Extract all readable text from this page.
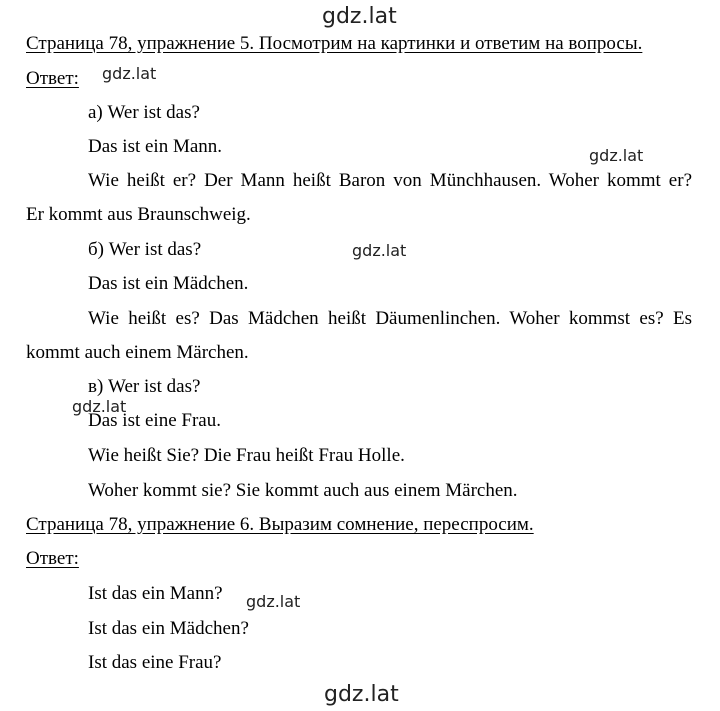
gdz.lat
gdz.lat
gdz.lat
gdz.lat
gdz.lat
gdz.lat
gdz.lat
Страница 78, упражнение 5. Посмотрим на картинки и ответим на вопросы.
Ответ:
а) Wer ist das?
Das ist ein Mann.
Wie heißt er? Der Mann heißt Baron von Münchhausen. Woher kommt er?
Er kommt aus Braunschweig.
б) Wer ist das?
Das ist ein Mädchen.
Wie heißt es? Das Mädchen heißt Däumenlinchen. Woher kommst es? Es
kommt auch einem Märchen.
в) Wer ist das?
Das ist eine Frau.
Wie heißt Sie? Die Frau heißt Frau Holle.
Woher kommt sie? Sie kommt auch aus einem Märchen.
Страница 78, упражнение 6. Выразим сомнение, переспросим.
Ответ:
Ist das ein Mann?
Ist das ein Mädchen?
Ist das eine Frau?
